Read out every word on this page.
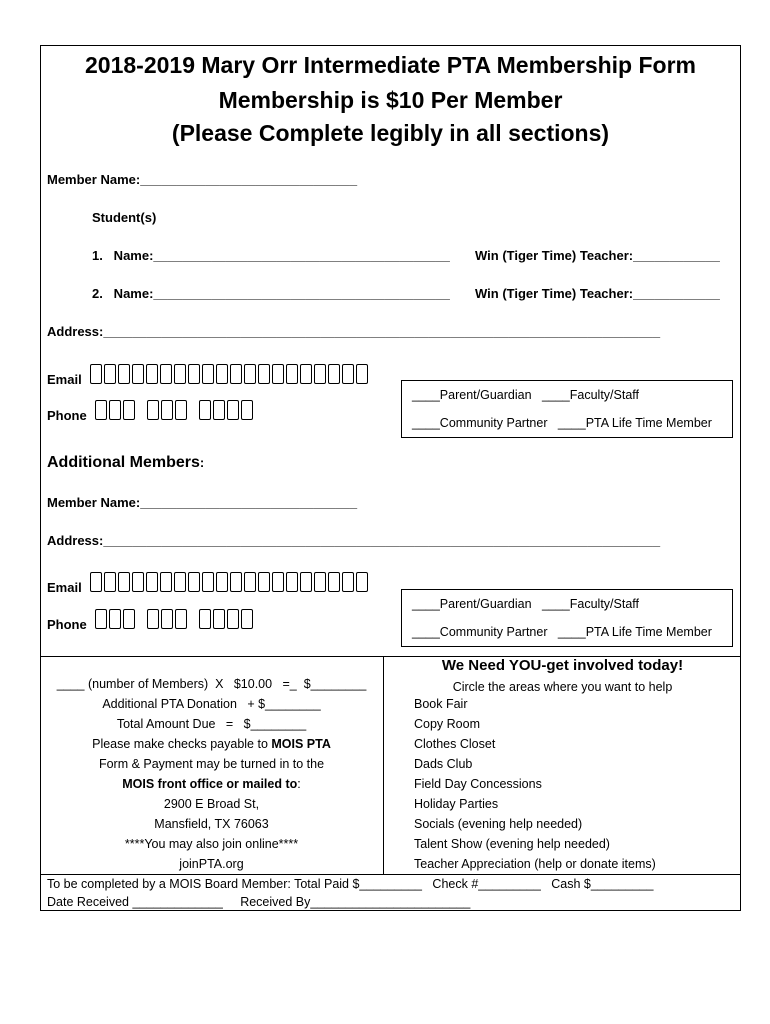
2018-2019 Mary Orr Intermediate PTA Membership Form
Membership is $10 Per Member
(Please Complete legibly in all sections)
Member Name:______________________________
Student(s)
1.   Name:_________________________________________ Win (Tiger Time) Teacher:____________
2.   Name:_________________________________________ Win (Tiger Time) Teacher:____________
Address:_____________________________________________________________________________
Email
Phone
____Parent/Guardian   ____Faculty/Staff
____Community Partner   ____PTA Life Time Member
Additional Members:
Member Name:______________________________
Address:_____________________________________________________________________________
Email
Phone
____Parent/Guardian   ____Faculty/Staff
____Community Partner   ____PTA Life Time Member
____ (number of Members)  X   $10.00   =_  $________
Additional PTA Donation   + $________
Total Amount Due   =   $________
Please make checks payable to MOIS PTA
Form & Payment may be turned in to the
MOIS front office or mailed to:
2900 E Broad St,
Mansfield, TX 76063
****You may also join online****
joinPTA.org
We Need YOU-get involved today!
Circle the areas where you want to help
Book Fair
Copy Room
Clothes Closet
Dads Club
Field Day Concessions
Holiday Parties
Socials (evening help needed)
Talent Show (evening help needed)
Teacher Appreciation (help or donate items)
To be completed by a MOIS Board Member: Total Paid $_________   Check #_________   Cash $_________
Date Received _____________     Received By_______________________
